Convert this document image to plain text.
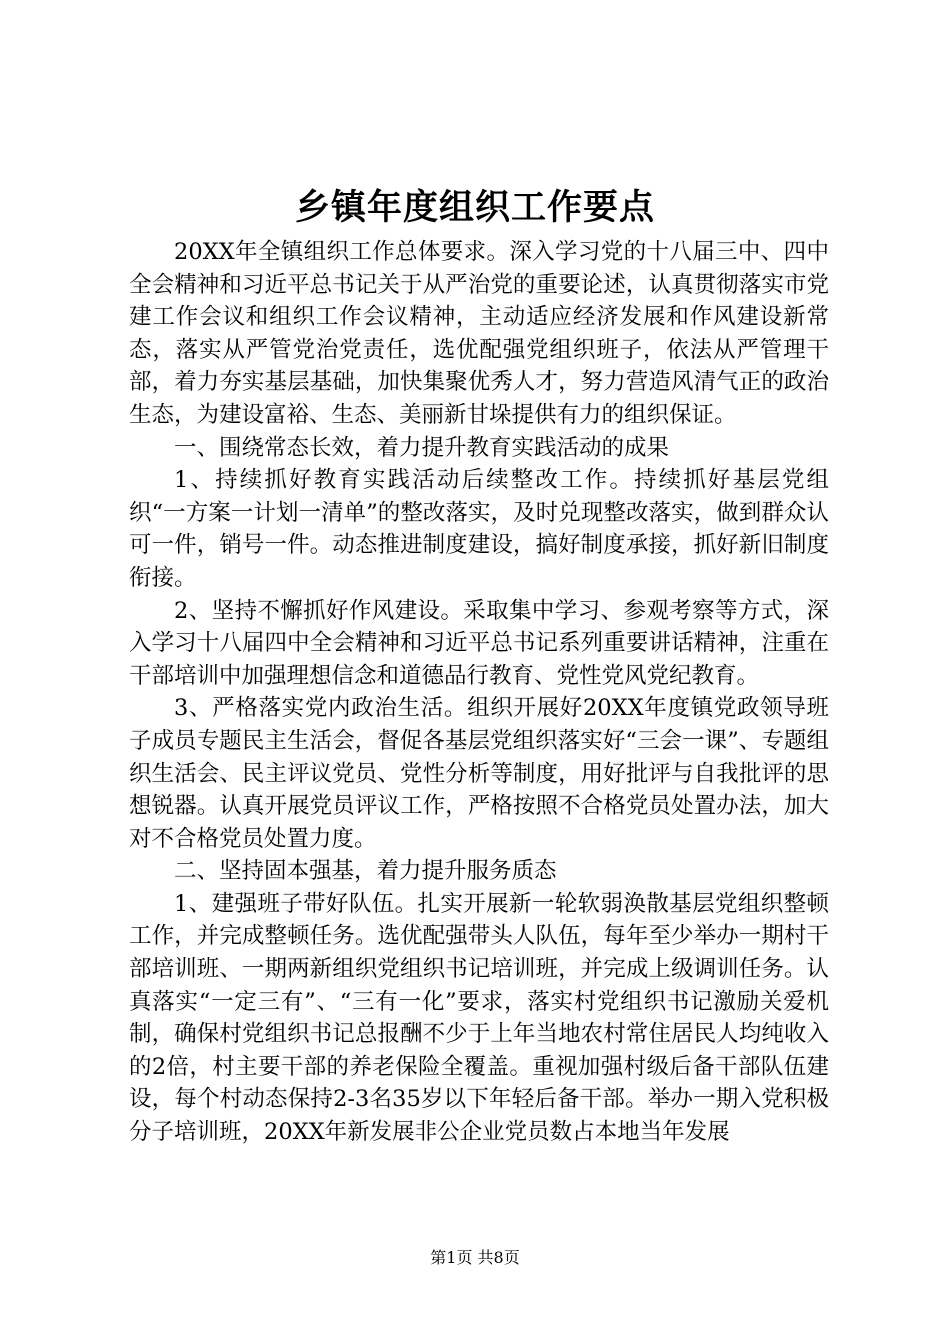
乡镇年度组织工作要点

20XX年全镇组织工作总体要求。深入学习党的十八届三中、四中全会精神和习近平总书记关于从严治党的重要论述，认真贯彻落实市党建工作会议和组织工作会议精神，主动适应经济发展和作风建设新常态，落实从严管党治党责任，选优配强党组织班子，依法从严管理干部，着力夯实基层基础，加快集聚优秀人才，努力营造风清气正的政治生态，为建设富裕、生态、美丽新甘垛提供有力的组织保证。

一、围绕常态长效，着力提升教育实践活动的成果

1、持续抓好教育实践活动后续整改工作。持续抓好基层党组织“一方案一计划一清单”的整改落实，及时兑现整改落实，做到群众认可一件，销号一件。动态推进制度建设，搞好制度承接，抓好新旧制度衔接。

2、坚持不懈抓好作风建设。采取集中学习、参观考察等方式，深入学习十八届四中全会精神和习近平总书记系列重要讲话精神，注重在干部培训中加强理想信念和道德品行教育、党性党风党纪教育。

3、严格落实党内政治生活。组织开展好20XX年度镇党政领导班子成员专题民主生活会，督促各基层党组织落实好“三会一课”、专题组织生活会、民主评议党员、党性分析等制度，用好批评与自我批评的思想锐器。认真开展党员评议工作，严格按照不合格党员处置办法，加大对不合格党员处置力度。

二、坚持固本强基，着力提升服务质态

1、建强班子带好队伍。扎实开展新一轮软弱涣散基层党组织整顿工作，并完成整顿任务。选优配强带头人队伍，每年至少举办一期村干部培训班、一期两新组织党组织书记培训班，并完成上级调训任务。认真落实“一定三有”、“三有一化”要求，落实村党组织书记激励关爱机制，确保村党组织书记总报酬不少于上年当地农村常住居民人均纯收入的2倍，村主要干部的养老保险全覆盖。重视加强村级后备干部队伍建设，每个村动态保持2-3名35岁以下年轻后备干部。举办一期入党积极分子培训班，20XX年新发展非公企业党员数占本地当年发展

第1页 共8页
